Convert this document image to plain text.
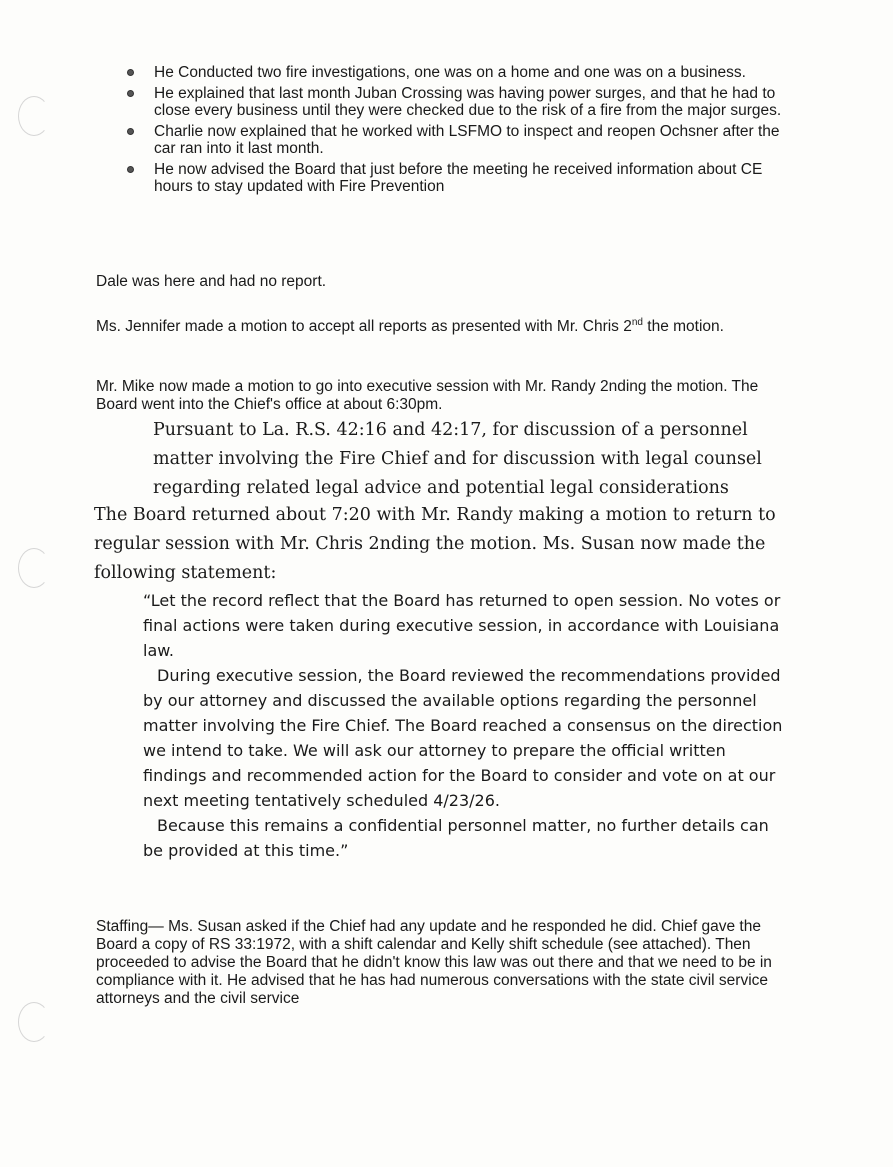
He Conducted two fire investigations, one was on a home and one was on a business.
He explained that last month Juban Crossing was having power surges, and that he had to close every business until they were checked due to the risk of a fire from the major surges.
Charlie now explained that he worked with LSFMO to inspect and reopen Ochsner after the car ran into it last month.
He now advised the Board that just before the meeting he received information about CE hours to stay updated with Fire Prevention
Dale was here and had no report.
Ms. Jennifer made a motion to accept all reports as presented with Mr. Chris 2nd the motion.
Mr. Mike now made a motion to go into executive session with Mr. Randy 2nding the motion. The Board went into the Chief's office at about 6:30pm.
Pursuant to La. R.S. 42:16 and 42:17, for discussion of a personnel matter involving the Fire Chief and for discussion with legal counsel regarding related legal advice and potential legal considerations
The Board returned about 7:20 with Mr. Randy making a motion to return to regular session with Mr. Chris 2nding the motion. Ms. Susan now made the following statement:

“Let the record reflect that the Board has returned to open session. No votes or final actions were taken during executive session, in accordance with Louisiana law.

During executive session, the Board reviewed the recommendations provided by our attorney and discussed the available options regarding the personnel matter involving the Fire Chief. The Board reached a consensus on the direction we intend to take. We will ask our attorney to prepare the official written findings and recommended action for the Board to consider and vote on at our next meeting tentatively scheduled 4/23/26.

Because this remains a confidential personnel matter, no further details can be provided at this time.”

Staffing— Ms. Susan asked if the Chief had any update and he responded he did. Chief gave the Board a copy of RS 33:1972, with a shift calendar and Kelly shift schedule (see attached). Then proceeded to advise the Board that he didn't know this law was out there and that we need to be in compliance with it. He advised that he has had numerous conversations with the state civil service attorneys and the civil service
